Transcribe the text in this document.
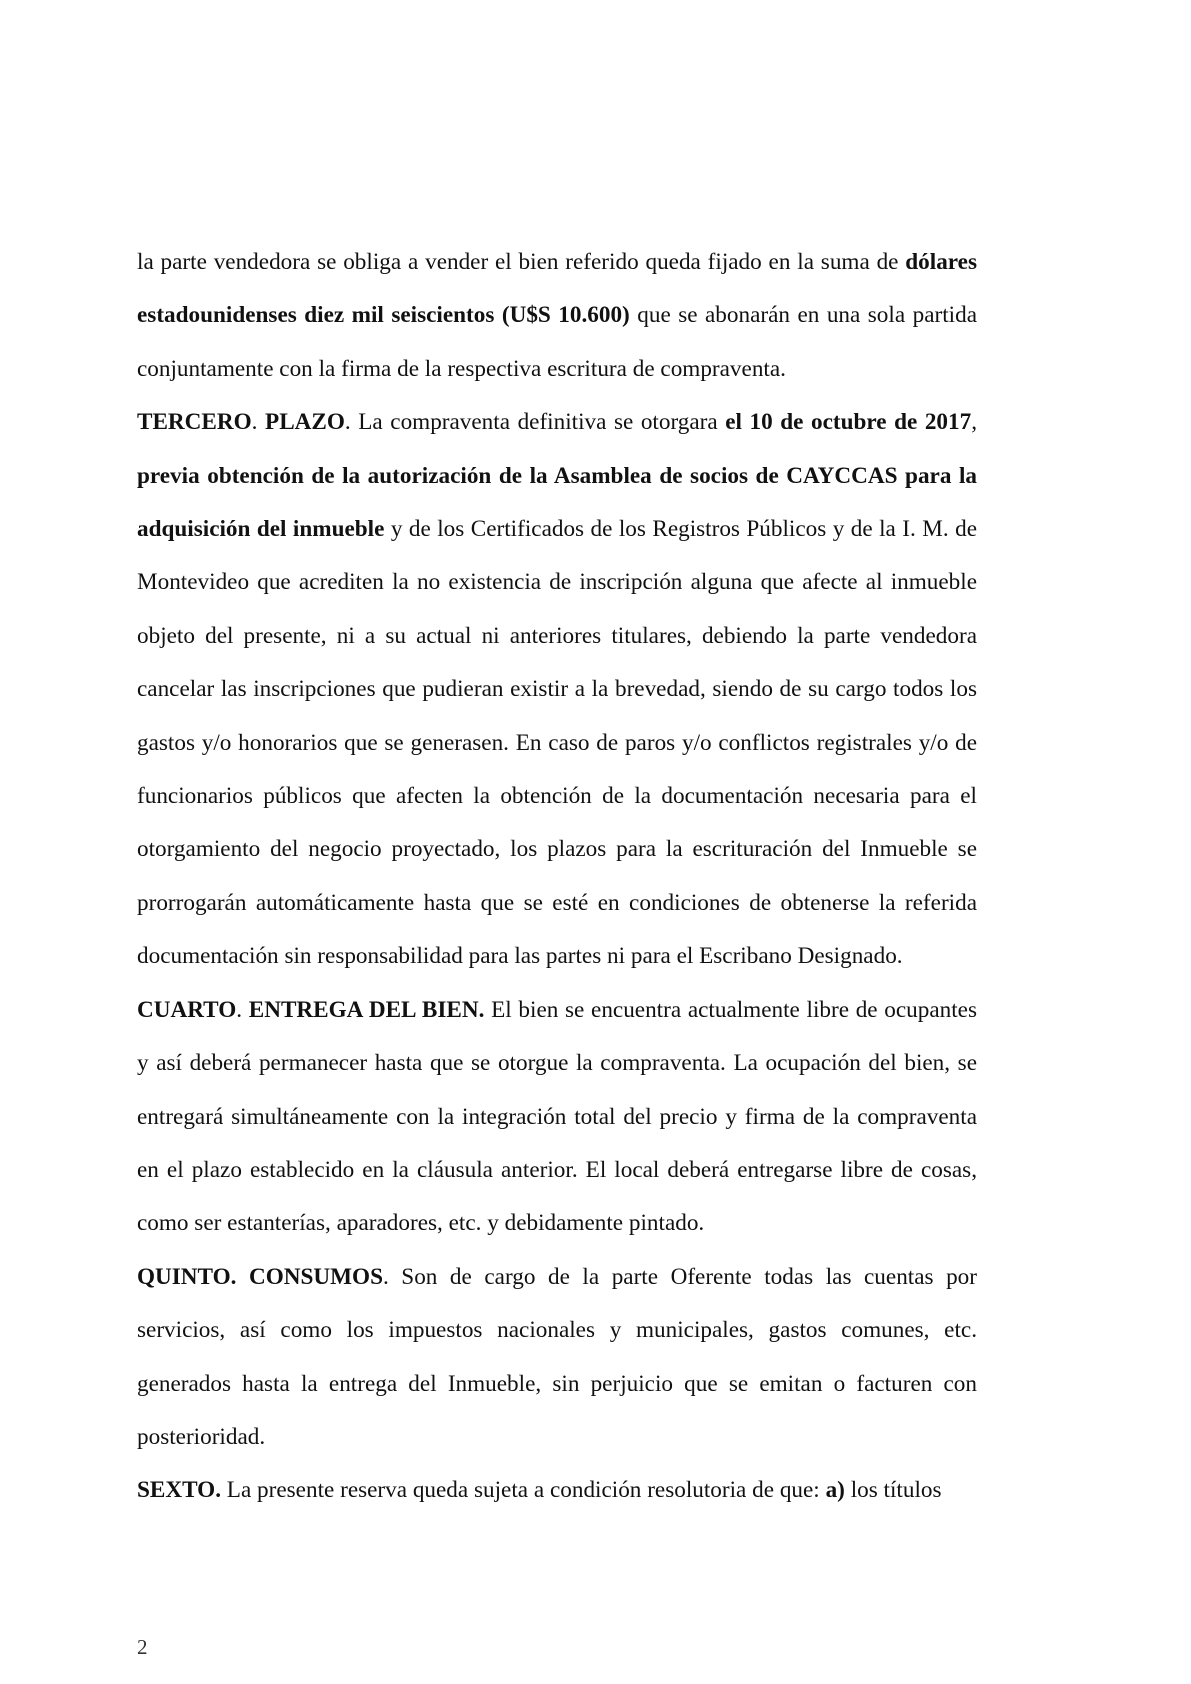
la parte vendedora se obliga a vender el bien referido queda fijado en la suma de dólares estadounidenses diez mil seiscientos (U$S 10.600) que se abonarán en una sola partida conjuntamente con la firma de la respectiva escritura de compraventa.

TERCERO. PLAZO. La compraventa definitiva se otorgara el 10 de octubre de 2017, previa obtención de la autorización de la Asamblea de socios de CAYCCAS para la adquisición del inmueble y de los Certificados de los Registros Públicos y de la I. M. de Montevideo que acrediten la no existencia de inscripción alguna que afecte al inmueble objeto del presente, ni a su actual ni anteriores titulares, debiendo la parte vendedora cancelar las inscripciones que pudieran existir a la brevedad, siendo de su cargo todos los gastos y/o honorarios que se generasen. En caso de paros y/o conflictos registrales y/o de funcionarios públicos que afecten la obtención de la documentación necesaria para el otorgamiento del negocio proyectado, los plazos para la escrituración del Inmueble se prorrogarán automáticamente hasta que se esté en condiciones de obtenerse la referida documentación sin responsabilidad para las partes ni para el Escribano Designado.

CUARTO. ENTREGA DEL BIEN. El bien se encuentra actualmente libre de ocupantes y así deberá permanecer hasta que se otorgue la compraventa. La ocupación del bien, se entregará simultáneamente con la integración total del precio y firma de la compraventa en el plazo establecido en la cláusula anterior. El local deberá entregarse libre de cosas, como ser estanterías, aparadores, etc. y debidamente pintado.

QUINTO. CONSUMOS. Son de cargo de la parte Oferente todas las cuentas por servicios, así como los impuestos nacionales y municipales, gastos comunes, etc. generados hasta la entrega del Inmueble, sin perjuicio que se emitan o facturen con posterioridad.

SEXTO. La presente reserva queda sujeta a condición resolutoria de que: a) los títulos

2
